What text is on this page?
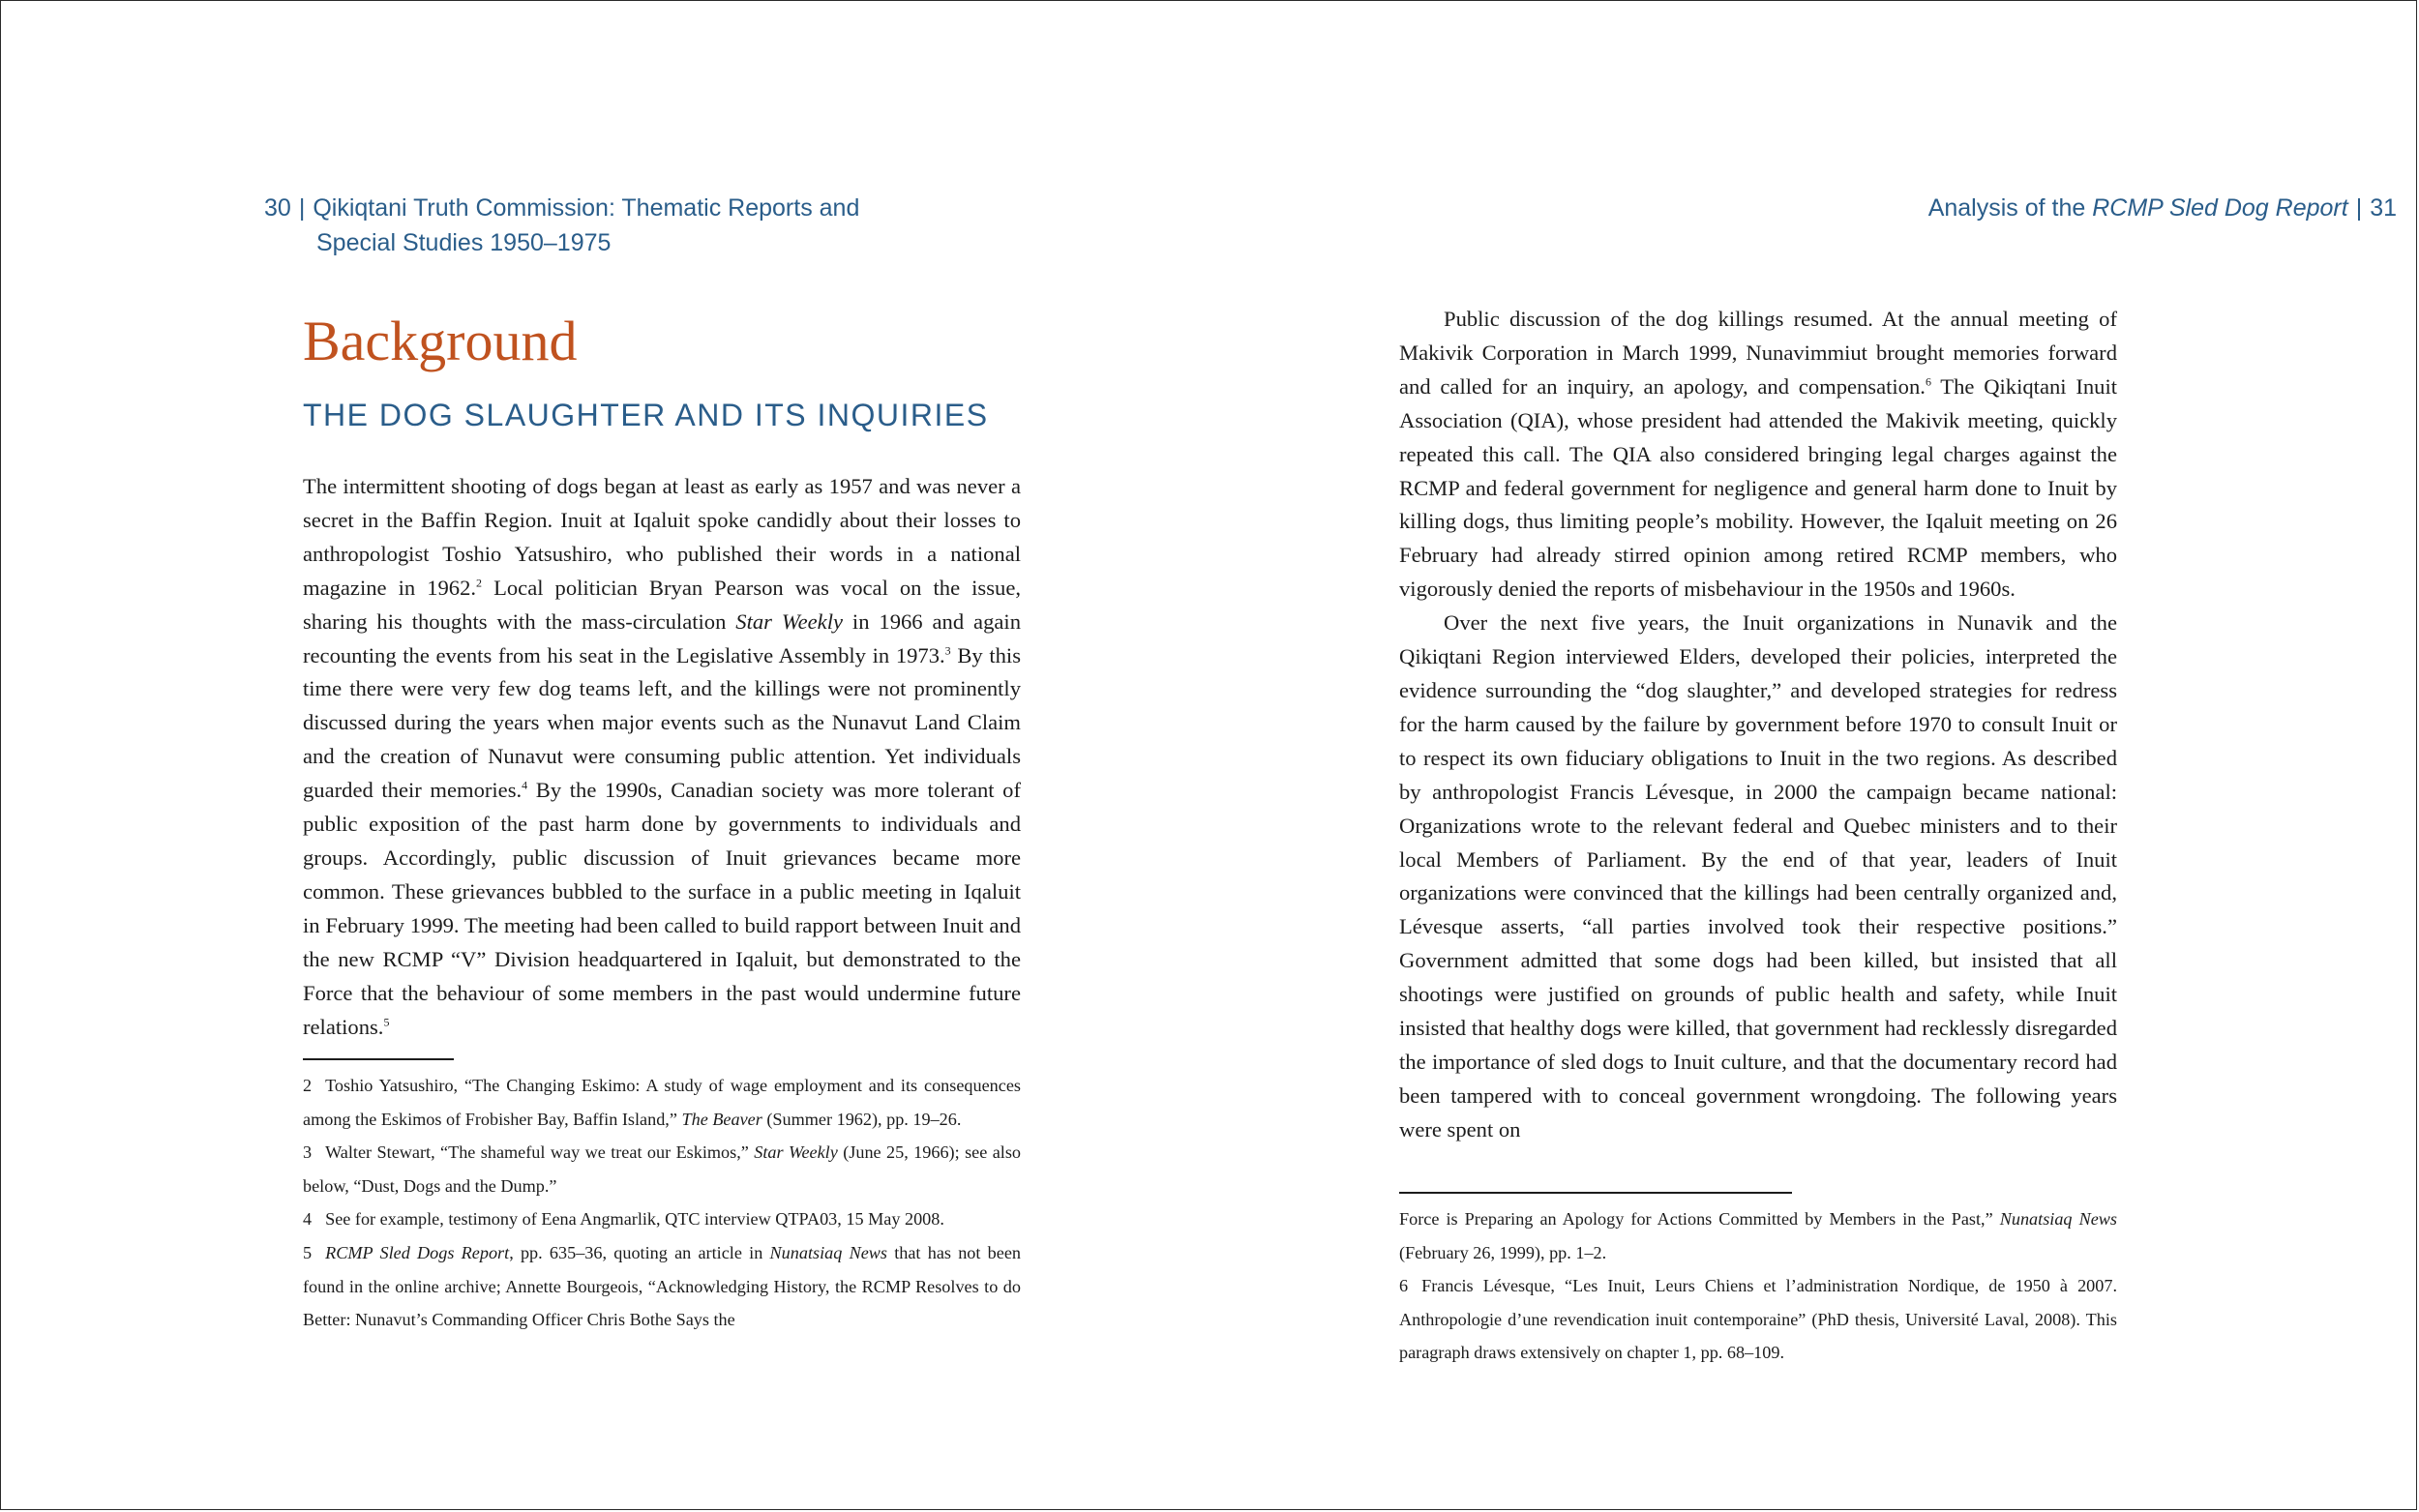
30 | Qikiqtani Truth Commission: Thematic Reports and
Special Studies 1950–1975
Background
THE DOG SLAUGHTER AND ITS INQUIRIES

The intermittent shooting of dogs began at least as early as 1957 and was never a secret in the Baffin Region. Inuit at Iqaluit spoke candidly about their losses to anthropologist Toshio Yatsushiro, who published their words in a national magazine in 1962.$^2$ Local politician Bryan Pearson was vocal on the issue, sharing his thoughts with the mass-circulation Star Weekly in 1966 and again recounting the events from his seat in the Legislative Assembly in 1973.$^3$ By this time there were very few dog teams left, and the killings were not prominently discussed during the years when major events such as the Nunavut Land Claim and the creation of Nunavut were consuming public attention. Yet individuals guarded their memories.$^4$ By the 1990s, Canadian society was more tolerant of public exposition of the past harm done by governments to individuals and groups. Accordingly, public discussion of Inuit grievances became more common. These grievances bubbled to the surface in a public meeting in Iqaluit in February 1999. The meeting had been called to build rapport between Inuit and the new RCMP “V” Division headquartered in Iqaluit, but demonstrated to the Force that the behaviour of some members in the past would undermine future relations.$^5$

2 Toshio Yatsushiro, “The Changing Eskimo: A study of wage employment and its consequences among the Eskimos of Frobisher Bay, Baffin Island,” The Beaver (Summer 1962), pp. 19–26.

3 Walter Stewart, “The shameful way we treat our Eskimos,” Star Weekly (June 25, 1966); see also below, “Dust, Dogs and the Dump.”

4 See for example, testimony of Eena Angmarlik, QTC interview QTPA03, 15 May 2008.

5 RCMP Sled Dogs Report, pp. 635–36, quoting an article in Nunatsiaq News that has not been found in the online archive; Annette Bourgeois, “Acknowledging History, the RCMP Resolves to do Better: Nunavut’s Commanding Officer Chris Bothe Says the

Analysis of the RCMP Sled Dog Report | 31

Public discussion of the dog killings resumed. At the annual meeting of Makivik Corporation in March 1999, Nunavimmiut brought memories forward and called for an inquiry, an apology, and compensation.$^6$ The Qikiqtani Inuit Association (QIA), whose president had attended the Makivik meeting, quickly repeated this call. The QIA also considered bringing legal charges against the RCMP and federal government for negligence and general harm done to Inuit by killing dogs, thus limiting people’s mobility. However, the Iqaluit meeting on 26 February had already stirred opinion among retired RCMP members, who vigorously denied the reports of misbehaviour in the 1950s and 1960s.

Over the next five years, the Inuit organizations in Nunavik and the Qikiqtani Region interviewed Elders, developed their policies, interpreted the evidence surrounding the “dog slaughter,” and developed strategies for redress for the harm caused by the failure by government before 1970 to consult Inuit or to respect its own fiduciary obligations to Inuit in the two regions. As described by anthropologist Francis Lévesque, in 2000 the campaign became national: Organizations wrote to the relevant federal and Quebec ministers and to their local Members of Parliament. By the end of that year, leaders of Inuit organizations were convinced that the killings had been centrally organized and, Lévesque asserts, “all parties involved took their respective positions.” Government admitted that some dogs had been killed, but insisted that all shootings were justified on grounds of public health and safety, while Inuit insisted that healthy dogs were killed, that government had recklessly disregarded the importance of sled dogs to Inuit culture, and that the documentary record had been tampered with to conceal government wrongdoing. The following years were spent on

Force is Preparing an Apology for Actions Committed by Members in the Past,” Nunatsiaq News (February 26, 1999), pp. 1–2.

6 Francis Lévesque, “Les Inuit, Leurs Chiens et l’administration Nordique, de 1950 à 2007. Anthropologie d’une revendication inuit contemporaine” (PhD thesis, Université Laval, 2008). This paragraph draws extensively on chapter 1, pp. 68–109.
